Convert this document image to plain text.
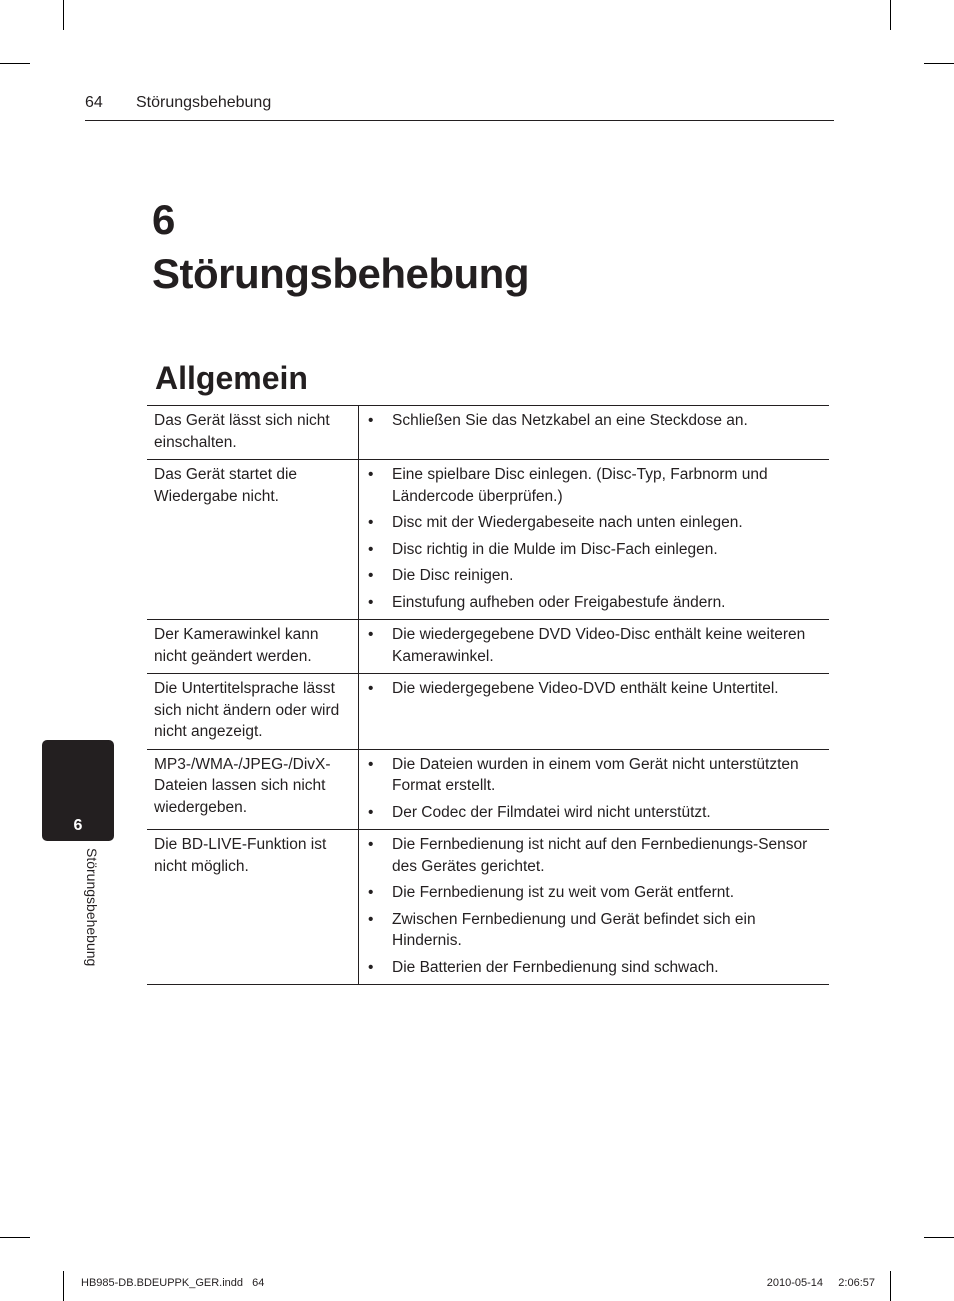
64 Störungsbehebung
6
Störungsbehebung
Allgemein
Das Gerät lässt sich nicht einschalten.
•	Schließen Sie das Netzkabel an eine Steckdose an.
Das Gerät startet die Wiedergabe nicht.
•	Eine spielbare Disc einlegen. (Disc-Typ, Farbnorm und Ländercode überprüfen.)
•	Disc mit der Wiedergabeseite nach unten einlegen.
•	Disc richtig in die Mulde im Disc-Fach einlegen.
•	Die Disc reinigen.
•	Einstufung aufheben oder Freigabestufe ändern.
Der Kamerawinkel kann nicht geändert werden.
•	Die wiedergegebene DVD Video-Disc enthält keine weiteren Kamerawinkel.
Die Untertitelsprache lässt sich nicht ändern oder wird nicht angezeigt.
•	Die wiedergegebene Video-DVD enthält keine Untertitel.
MP3-/WMA-/JPEG-/DivX-Dateien lassen sich nicht wiedergeben.
•	Die Dateien wurden in einem vom Gerät nicht unterstützten Format erstellt.
•	Der Codec der Filmdatei wird nicht unterstützt.
Die BD-LIVE-Funktion ist nicht möglich.
•	Die Fernbedienung ist nicht auf den Fernbedienungs-Sensor des Gerätes gerichtet.
•	Die Fernbedienung ist zu weit vom Gerät entfernt.
•	Zwischen Fernbedienung und Gerät befindet sich ein Hindernis.
•	Die Batterien der Fernbedienung sind schwach.
6
Störungsbehebung
HB985-DB.BDEUPPK_GER.indd   64	2010-05-14     2:06:57
